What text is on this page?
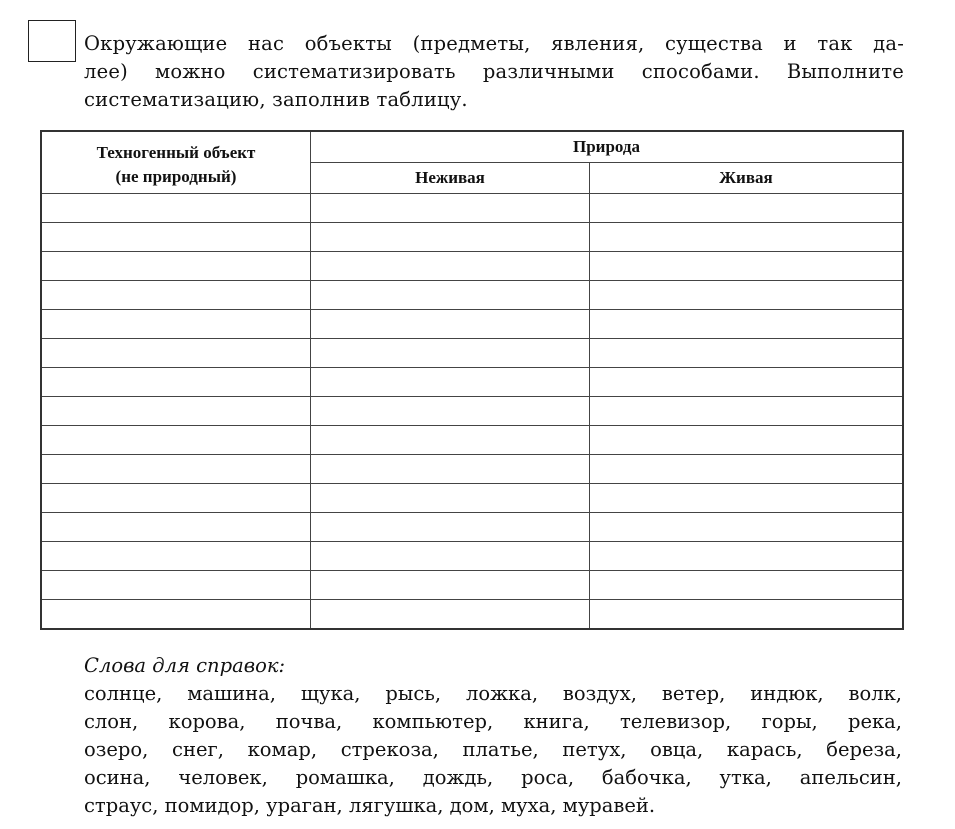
Окружающие нас объекты (предметы, явления, существа и так да-
лее) можно систематизировать различными способами. Выполните
систематизацию, заполнив таблицу.
Техногенный объект
(не природный)	Природа	
	Неживая	Живая

Слова для справок:
солнце, машина, щука, рысь, ложка, воздух, ветер, индюк, волк,
слон, корова, почва, компьютер, книга, телевизор, горы, река,
озеро, снег, комар, стрекоза, платье, петух, овца, карась, береза,
осина, человек, ромашка, дождь, роса, бабочка, утка, апельсин,
страус, помидор, ураган, лягушка, дом, муха, муравей.
